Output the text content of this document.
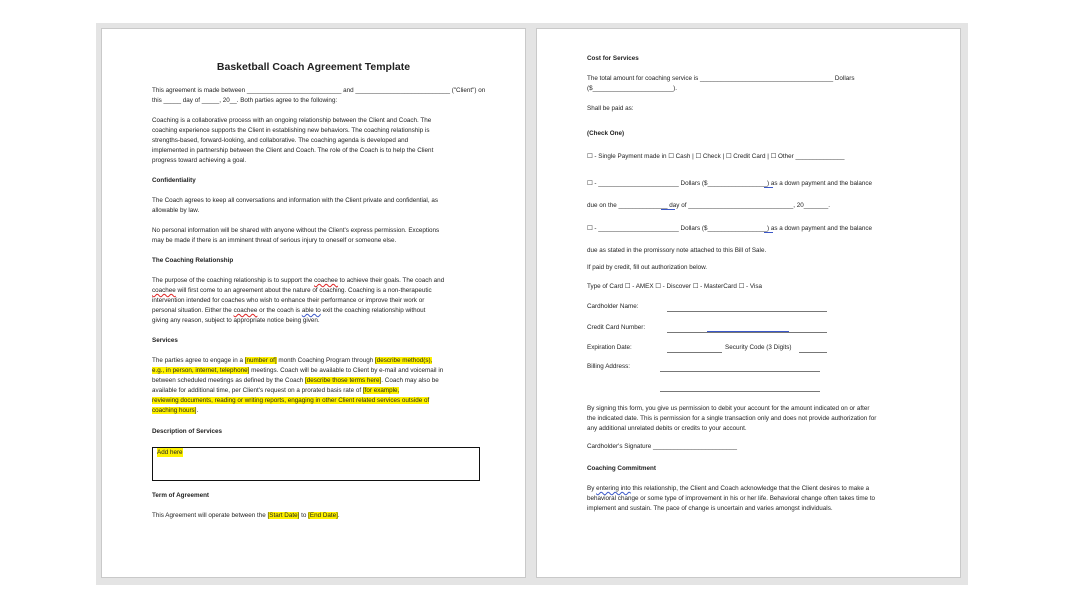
Basketball Coach Agreement Template
This agreement is made between ___________________________ and ___________________________ ("Client") on
this _____ day of _____, 20__. Both parties agree to the following:
Coaching is a collaborative process with an ongoing relationship between the Client and Coach. The
coaching experience supports the Client in establishing new behaviors. The coaching relationship is
strengths-based, forward-looking, and collaborative. The coaching agenda is developed and
implemented in partnership between the Client and Coach. The role of the Coach is to help the Client
progress toward achieving a goal.
Confidentiality
The Coach agrees to keep all conversations and information with the Client private and confidential, as
allowable by law.
No personal information will be shared with anyone without the Client's express permission. Exceptions
may be made if there is an imminent threat of serious injury to oneself or someone else.
The Coaching Relationship
The purpose of the coaching relationship is to support the coachee to achieve their goals. The coach and
coachee will first come to an agreement about the nature of coaching. Coaching is a non-therapeutic
intervention intended for coaches who wish to enhance their performance or improve their work or
personal situation. Either the coachee or the coach is able to exit the coaching relationship without
giving any reason, subject to appropriate notice being given.
Services
The parties agree to engage in a [number of] month Coaching Program through [describe method(s),
e.g., in person, internet, telephone] meetings. Coach will be available to Client by e-mail and voicemail in
between scheduled meetings as defined by the Coach [describe those terms here]. Coach may also be
available for additional time, per Client's request on a prorated basis rate of [for example,
reviewing documents, reading or writing reports, engaging in other Client related services outside of
coaching hours].
Description of Services
Add here
Term of Agreement
This Agreement will operate between the [Start Date] to [End Date].
Cost for Services
The total amount for coaching service is ______________________________________ Dollars
($_______________________).
Shall be paid as:
(Check One)
☐ - Single Payment made in ☐ Cash | ☐ Check | ☐ Credit Card | ☐ Other ______________
☐ - _______________________ Dollars ($_________________) as a down payment and the balance
due on the ______________ day of ______________________________, 20_______.
☐ - _______________________ Dollars ($_________________) as a down payment and the balance
due as stated in the promissory note attached to this Bill of Sale.
If paid by credit, fill out authorization below.
Type of Card ☐ - AMEX ☐ - Discover ☐ - MasterCard ☐ - Visa
Cardholder Name:
Credit Card Number:
Expiration Date:	Security Code (3 Digits)
Billing Address:
By signing this form, you give us permission to debit your account for the amount indicated on or after
the indicated date. This is permission for a single transaction only and does not provide authorization for
any additional unrelated debits or credits to your account.
Cardholder's Signature ________________________
Coaching Commitment
By entering into this relationship, the Client and Coach acknowledge that the Client desires to make a
behavioral change or some type of improvement in his or her life. Behavioral change often takes time to
implement and sustain. The pace of change is uncertain and varies amongst individuals.
